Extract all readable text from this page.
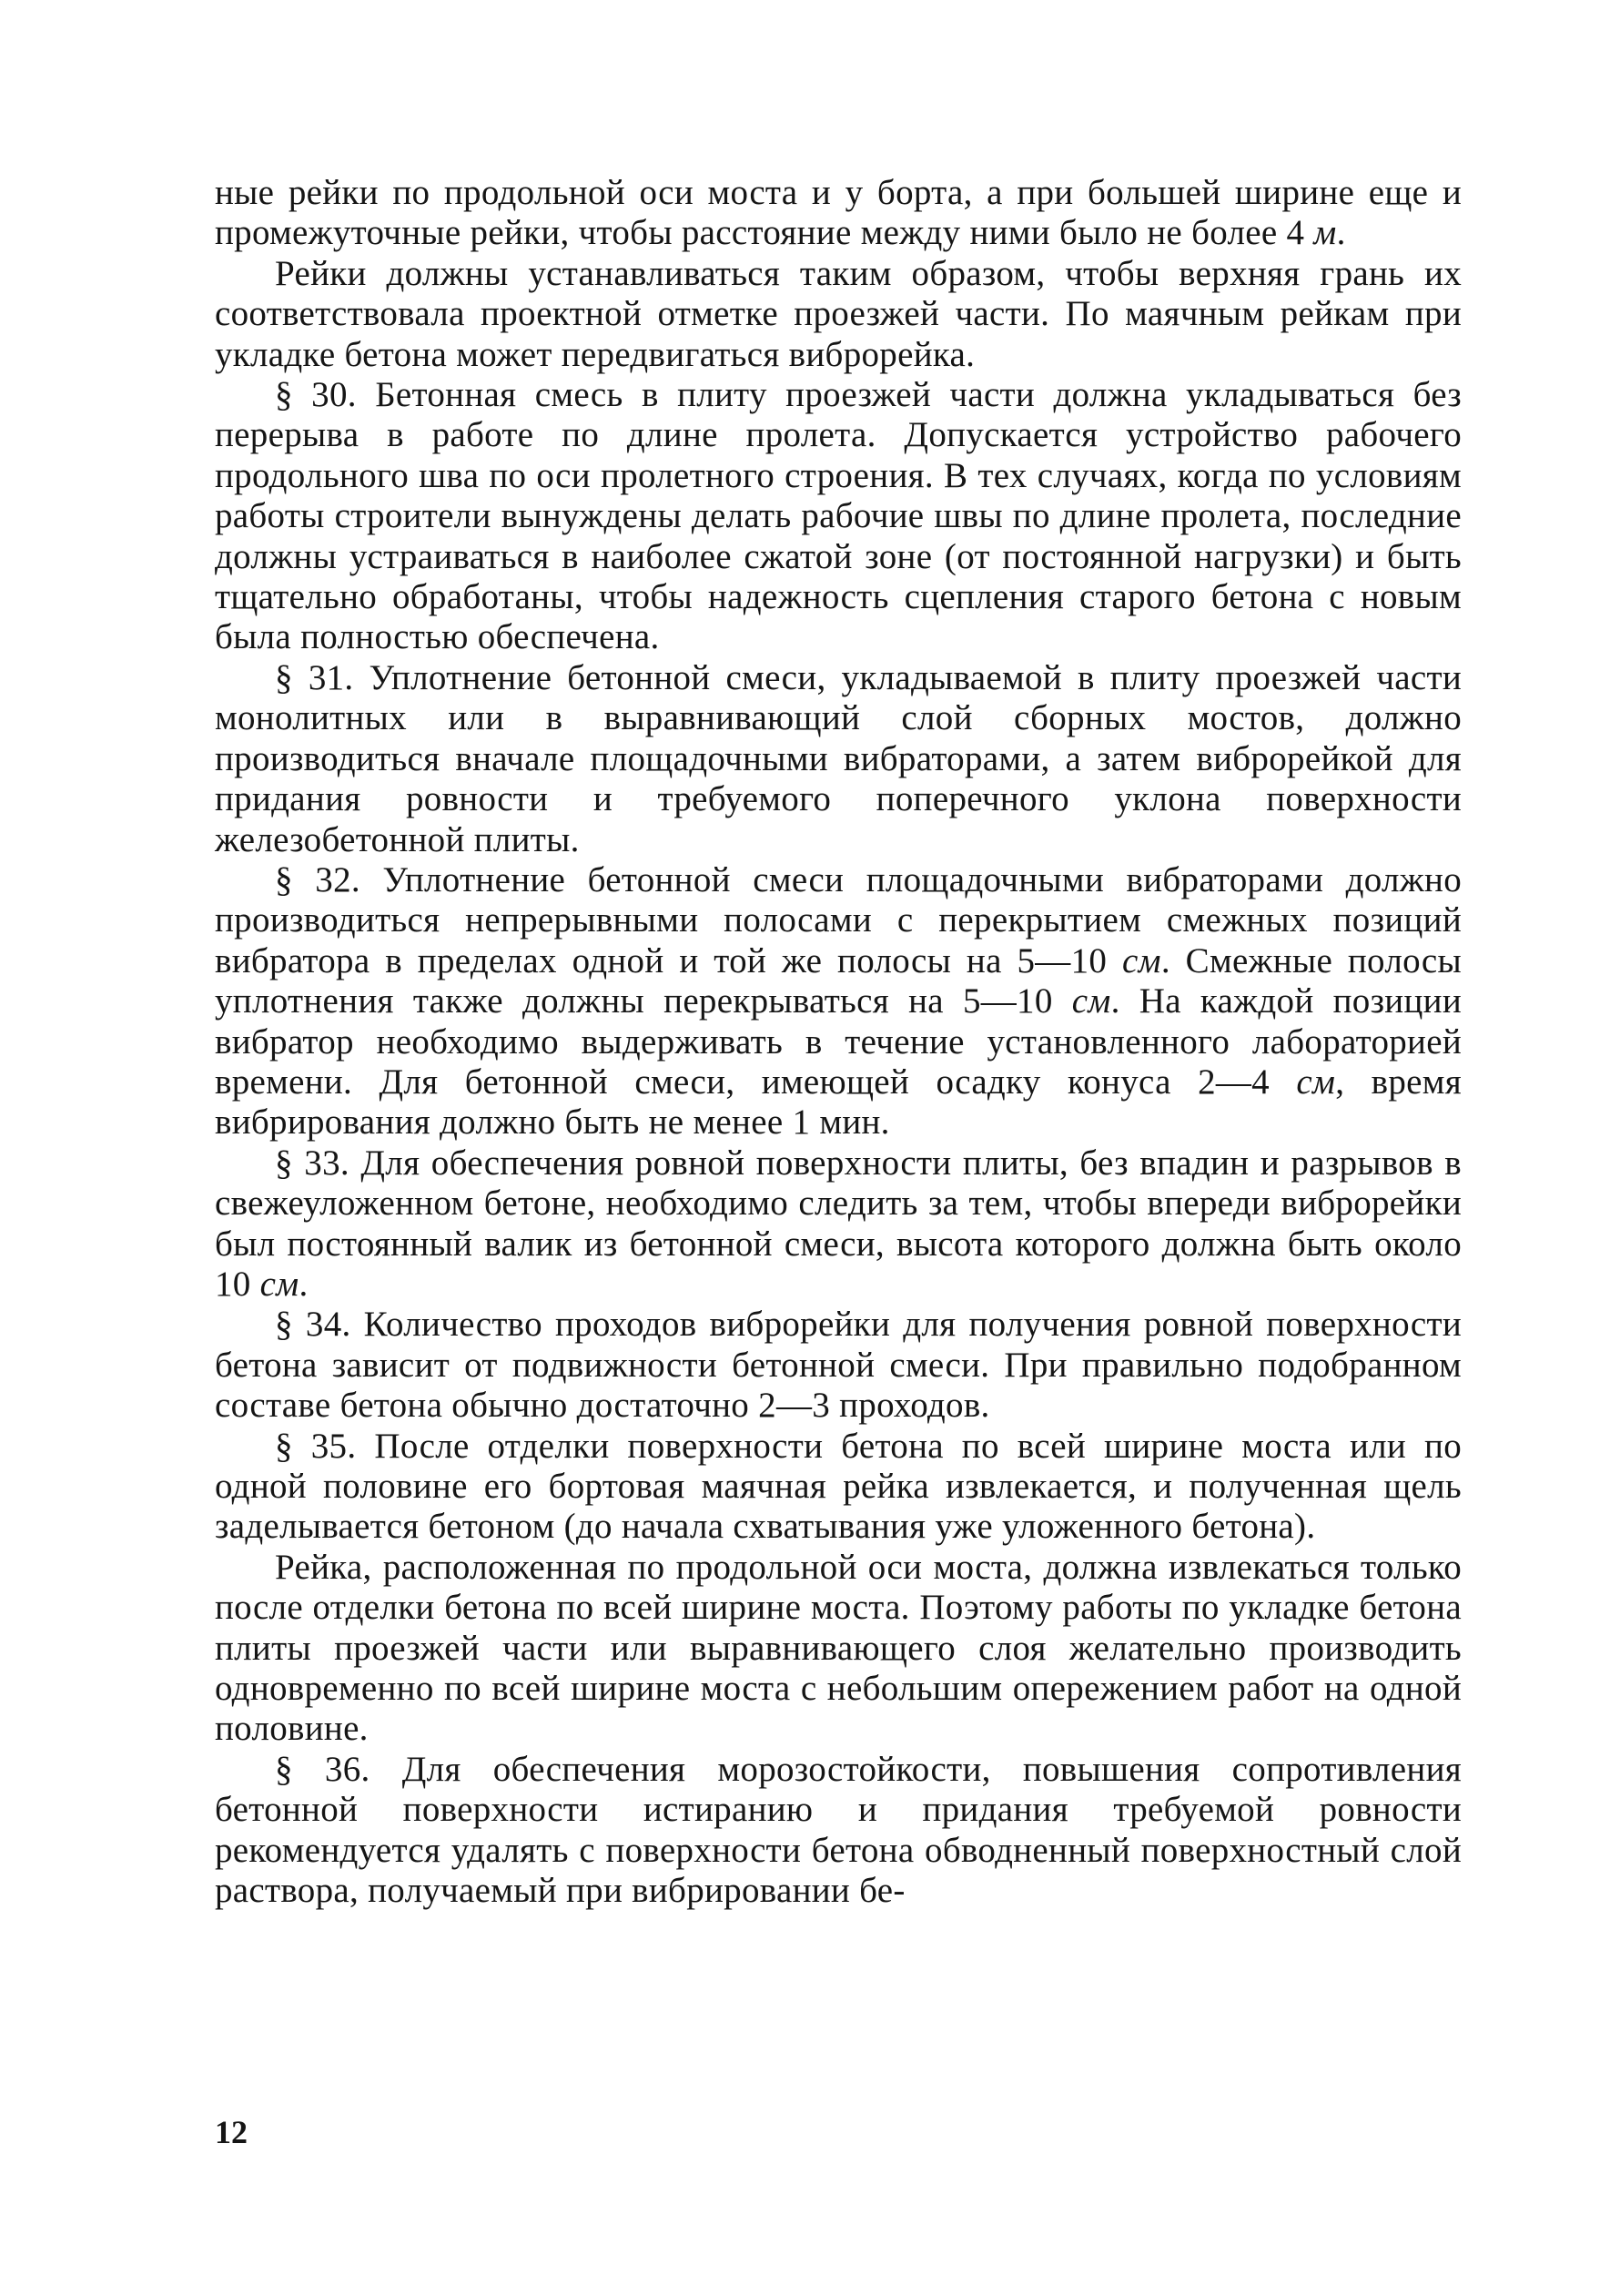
ные рейки по продольной оси моста и у борта, а при большей ширине еще и промежуточные рейки, чтобы расстояние между ними было не более 4 м.

Рейки должны устанавливаться таким образом, чтобы верхняя грань их соответствовала проектной отметке проезжей части. По маячным рейкам при укладке бетона может передвигаться виброрейка.

§ 30. Бетонная смесь в плиту проезжей части должна укладываться без перерыва в работе по длине пролета. Допускается устройство рабочего продольного шва по оси пролетного строения. В тех случаях, когда по условиям работы строители вынуждены делать рабочие швы по длине пролета, последние должны устраиваться в наиболее сжатой зоне (от постоянной нагрузки) и быть тщательно обработаны, чтобы надежность сцепления старого бетона с новым была полностью обеспечена.

§ 31. Уплотнение бетонной смеси, укладываемой в плиту проезжей части монолитных или в выравнивающий слой сборных мостов, должно производиться вначале площадочными вибраторами, а затем виброрейкой для придания ровности и требуемого поперечного уклона поверхности железобетонной плиты.

§ 32. Уплотнение бетонной смеси площадочными вибраторами должно производиться непрерывными полосами с перекрытием смежных позиций вибратора в пределах одной и той же полосы на 5—10 см. Смежные полосы уплотнения также должны перекрываться на 5—10 см. На каждой позиции вибратор необходимо выдерживать в течение установленного лабораторией времени. Для бетонной смеси, имеющей осадку конуса 2—4 см, время вибрирования должно быть не менее 1 мин.

§ 33. Для обеспечения ровной поверхности плиты, без впадин и разрывов в свежеуложенном бетоне, необходимо следить за тем, чтобы впереди виброрейки был постоянный валик из бетонной смеси, высота которого должна быть около 10 см.

§ 34. Количество проходов виброрейки для получения ровной поверхности бетона зависит от подвижности бетонной смеси. При правильно подобранном составе бетона обычно достаточно 2—3 проходов.

§ 35. После отделки поверхности бетона по всей ширине моста или по одной половине его бортовая маячная рейка извлекается, и полученная щель заделывается бетоном (до начала схватывания уже уложенного бетона).

Рейка, расположенная по продольной оси моста, должна извлекаться только после отделки бетона по всей ширине моста. Поэтому работы по укладке бетона плиты проезжей части или выравнивающего слоя желательно производить одновременно по всей ширине моста с небольшим опережением работ на одной половине.

§ 36. Для обеспечения морозостойкости, повышения сопротивления бетонной поверхности истиранию и придания требуемой ровности рекомендуется удалять с поверхности бетона обводненный поверхностный слой раствора, получаемый при вибрировании бе-

12
